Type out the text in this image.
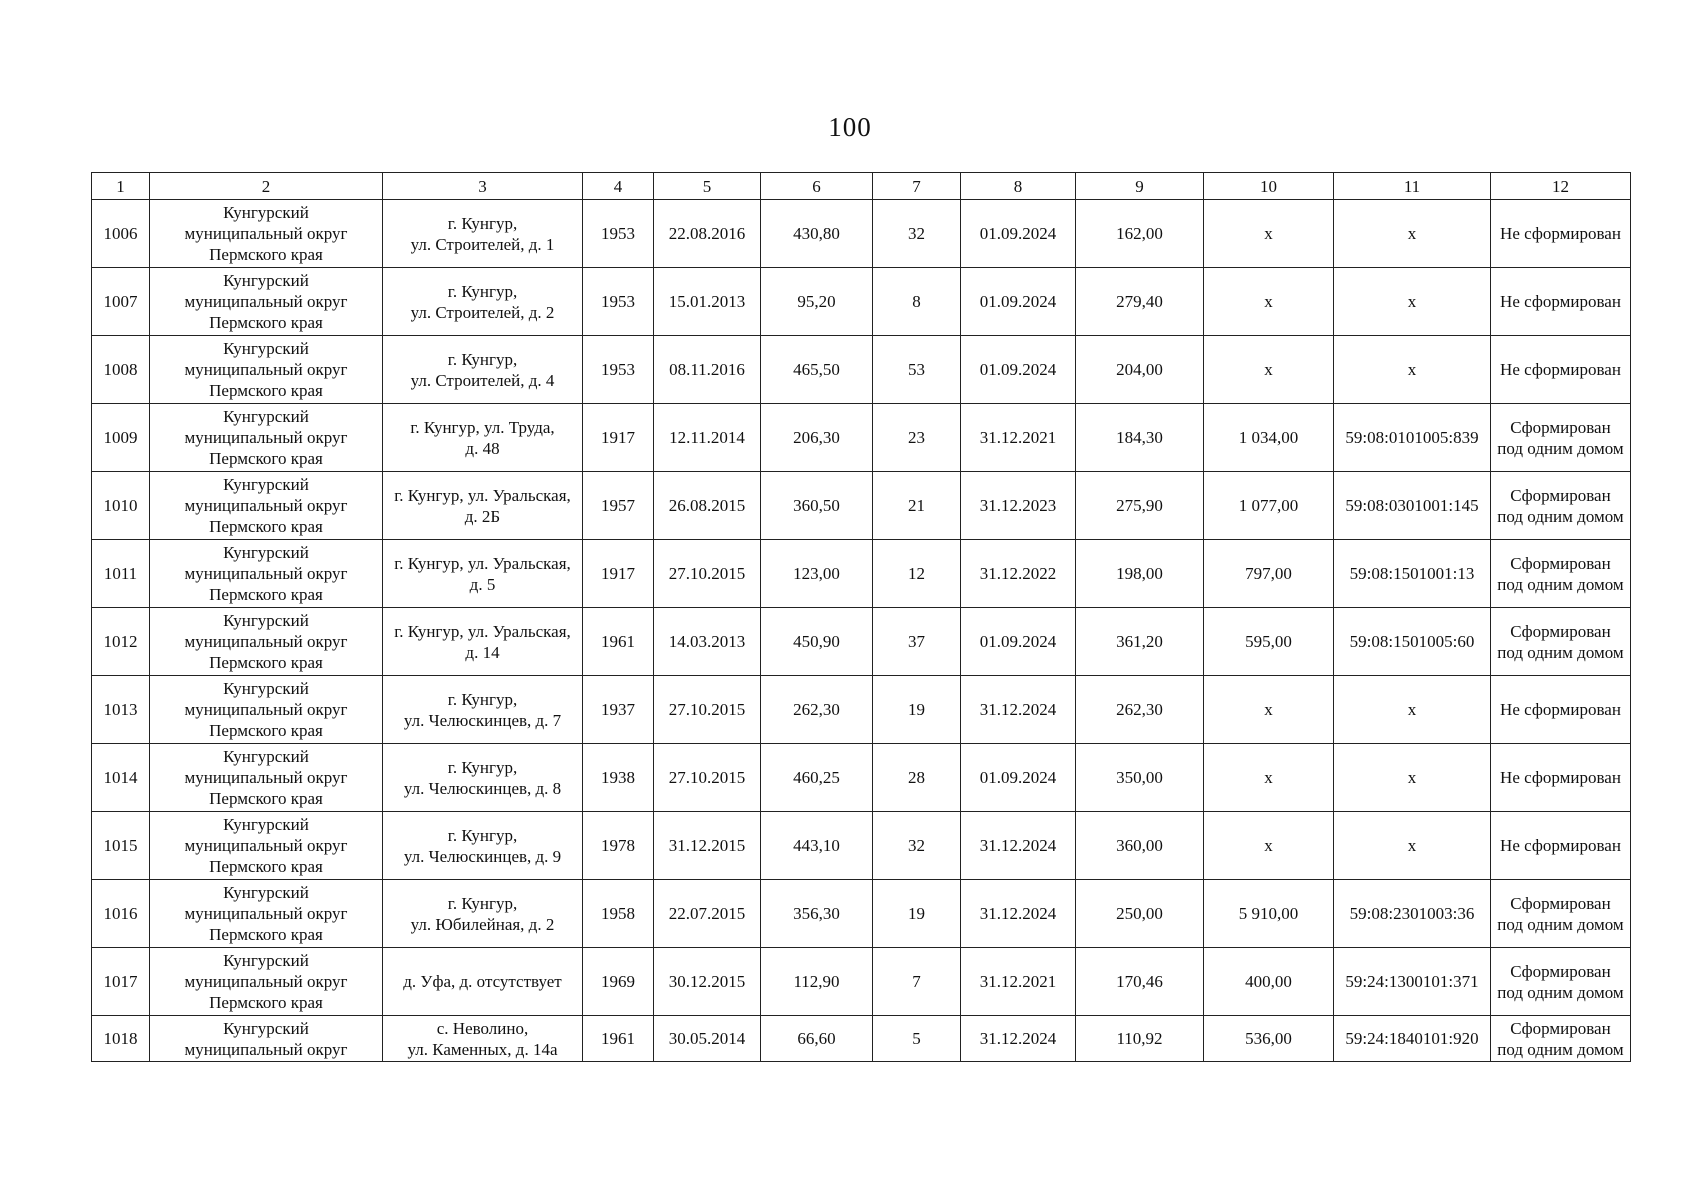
100
1	2	3	4	5	6	7	8	9	10	11	12
1006	Кунгурский
муниципальный округ
Пермского края	г. Кунгур,
ул. Строителей, д. 1	1953	22.08.2016	430,80	32	01.09.2024	162,00	х	х	Не сформирован
1007	Кунгурский
муниципальный округ
Пермского края	г. Кунгур,
ул. Строителей, д. 2	1953	15.01.2013	95,20	8	01.09.2024	279,40	х	х	Не сформирован
1008	Кунгурский
муниципальный округ
Пермского края	г. Кунгур,
ул. Строителей, д. 4	1953	08.11.2016	465,50	53	01.09.2024	204,00	х	х	Не сформирован
1009	Кунгурский
муниципальный округ
Пермского края	г. Кунгур, ул. Труда,
д. 48	1917	12.11.2014	206,30	23	31.12.2021	184,30	1 034,00	59:08:0101005:839	Сформирован
под одним домом
1010	Кунгурский
муниципальный округ
Пермского края	г. Кунгур, ул. Уральская,
д. 2Б	1957	26.08.2015	360,50	21	31.12.2023	275,90	1 077,00	59:08:0301001:145	Сформирован
под одним домом
1011	Кунгурский
муниципальный округ
Пермского края	г. Кунгур, ул. Уральская,
д. 5	1917	27.10.2015	123,00	12	31.12.2022	198,00	797,00	59:08:1501001:13	Сформирован
под одним домом
1012	Кунгурский
муниципальный округ
Пермского края	г. Кунгур, ул. Уральская,
д. 14	1961	14.03.2013	450,90	37	01.09.2024	361,20	595,00	59:08:1501005:60	Сформирован
под одним домом
1013	Кунгурский
муниципальный округ
Пермского края	г. Кунгур,
ул. Челюскинцев, д. 7	1937	27.10.2015	262,30	19	31.12.2024	262,30	х	х	Не сформирован
1014	Кунгурский
муниципальный округ
Пермского края	г. Кунгур,
ул. Челюскинцев, д. 8	1938	27.10.2015	460,25	28	01.09.2024	350,00	х	х	Не сформирован
1015	Кунгурский
муниципальный округ
Пермского края	г. Кунгур,
ул. Челюскинцев, д. 9	1978	31.12.2015	443,10	32	31.12.2024	360,00	х	х	Не сформирован
1016	Кунгурский
муниципальный округ
Пермского края	г. Кунгур,
ул. Юбилейная, д. 2	1958	22.07.2015	356,30	19	31.12.2024	250,00	5 910,00	59:08:2301003:36	Сформирован
под одним домом
1017	Кунгурский
муниципальный округ
Пермского края	д. Уфа, д. отсутствует	1969	30.12.2015	112,90	7	31.12.2021	170,46	400,00	59:24:1300101:371	Сформирован
под одним домом
1018	Кунгурский
муниципальный округ	с. Неволино,
ул. Каменных, д. 14а	1961	30.05.2014	66,60	5	31.12.2024	110,92	536,00	59:24:1840101:920	Сформирован
под одним домом
